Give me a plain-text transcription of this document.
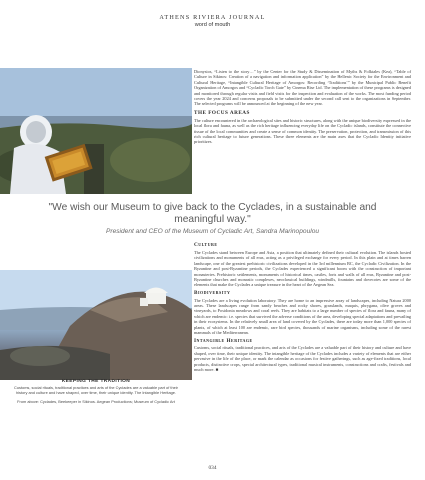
ATHENS RIVIERA JOURNAL
word of mouth

Dionysios, “Listen to the story…” by the Center for the Study & Dissemination of Myths & Folktales (Kea), “Table of Culture in Sikinos: Creation of a navigation and information application” by the Hellenic Society for the Environment and Cultural Heritage, “Intangible Cultural Heritage of Amorgos: Recording ‘Traditions’” by the Municipal Public Benefit Organization of Amorgos and “Cycladic Torch Gate” by Cinema Rise Ltd. The implementation of these programs is designed and monitored through regular visits and field visits for the inspection and evaluation of the works. The most funding period covers the year 2024 and concerns proposals to be submitted under the second call sent to the organizations in September. The selected programs will be announced at the beginning of the new year.

THE FOCUS AREAS

The culture encountered in the archaeological sites and historic structures, along with the unique biodiversity expressed in the local flora and fauna, as well as the rich heritage influencing everyday life on the Cycladic islands, constitute the connective tissue of the local communities and create a sense of common identity. The preservation, protection, and transmission of this rich cultural heritage to future generations. These three elements are the main axes that the Cycladic Identity initiative prioritizes.

"We wish our Museum to give back to the Cyclades, in a sustainable and meaningful way."
President and CEO of the Museum of Cycladic Art, Sandra Marinopoulou
Culture

The Cyclades stand between Europe and Asia, a position that ultimately defined their cultural evolution. The islands hosted civilizations and monuments of all eras, acting as a privileged exchange for every period. In this plain and at times barren landscape, one of the greatest prehistoric civilizations developed in the 3rd millennium BC, the Cycladic Civilization. In the Byzantine and post-Byzantine periods, the Cyclades experienced a significant boom with the construction of important monasteries. Prehistoric settlements, monuments of historical times, castles, forts and walls of all eras, Byzantine and post-Byzantine churches and monastic complexes, neoclassical buildings, windmills, fountains and dovecotes are some of the elements that make the Cyclades a unique treasure in the heart of the Aegean Sea.

Biodiversity

The Cyclades are a living evolution laboratory. They are home to an impressive array of landscapes, including Natura 2000 areas. These landscapes range from sandy beaches and rocky shores, grasslands, maquis, phrygana, olive groves and vineyards, to Posidonia meadows and coral reefs. They are habitats to a large number of species of flora and fauna, many of which are endemic: i.e. species that survived the adverse conditions of the area, developing special adaptations and prevailing in their ecosystems. In the relatively small area of land covered by the Cyclades, there are today more than 1,000 species of plants, of which at least 100 are endemic, rare bird species, thousands of marine organisms, including some of the rarest mammals of the Mediterranean.

Intangible Heritage

Customs, social rituals, traditional practices, and arts of the Cyclades are a valuable part of their history and culture and have shaped, over time, their unique identity. The intangible heritage of the Cyclades includes a variety of elements that are either pervasive in the life of the place, or mark the calendar as occasions for festive gatherings, such as age-fixed traditions, local products, distinctive crops, special architectural types, traditional musical instruments, constructions and crafts, festivals and much more. ■

KEEPING THE TRADITION

Customs, social rituals, traditional practices and arts of the Cyclades are a valuable part of their history and culture and have shaped, over time, their unique identity. The Intangible Heritage.

From above: Cyclades, Beekeeper in Sikinos. Aegean Productions; Museum of Cycladic Art

034
